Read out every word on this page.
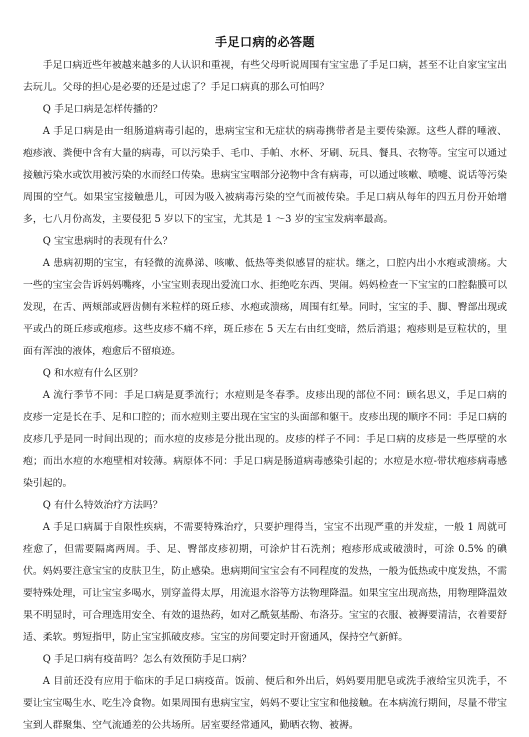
手足口病的必答题

手足口病近些年被越来越多的人认识和重视，有些父母听说周围有宝宝患了手足口病，甚至不让自家宝宝出去玩儿。父母的担心是必要的还是过虑了？手足口病真的那么可怕吗？

Q 手足口病是怎样传播的？

A 手足口病是由一组肠道病毒引起的，患病宝宝和无症状的病毒携带者是主要传染源。这些人群的唾液、疱疹液、粪便中含有大量的病毒，可以污染手、毛巾、手帕、水杯、牙刷、玩具、餐具、衣物等。宝宝可以通过接触污染水或饮用被污染的水而经口传染。患病宝宝咽部分泌物中含有病毒，可以通过咳嗽、喷嚏、说话等污染周围的空气。如果宝宝接触患儿，可因为吸入被病毒污染的空气而被传染。手足口病从每年的四五月份开始增多，七八月份高发，主要侵犯 5 岁以下的宝宝，尤其是 1 ～3 岁的宝宝发病率最高。

Q 宝宝患病时的表现有什么？

A 患病初期的宝宝，有轻微的流鼻涕、咳嗽、低热等类似感冒的症状。继之，口腔内出小水疱或溃疡。大一些的宝宝会告诉妈妈嘴疼，小宝宝则表现出爱流口水、拒绝吃东西、哭闹。妈妈检查一下宝宝的口腔黏膜可以发现，在舌、两颊部或唇齿侧有米粒样的斑丘疹、水疱或溃疡，周围有红晕。同时，宝宝的手、脚、臀部出现或平或凸的斑丘疹或疱疹。这些皮疹不痛不痒，斑丘疹在 5 天左右由红变暗，然后消退；疱疹则是豆粒状的，里面有浑浊的液体，疱愈后不留痕迹。

Q 和水痘有什么区别？

A 流行季节不同：手足口病是夏季流行；水痘则是冬春季。皮疹出现的部位不同：顾名思义，手足口病的皮疹一定是长在手、足和口腔的；而水痘则主要出现在宝宝的头面部和躯干。皮疹出现的顺序不同：手足口病的皮疹几乎是同一时间出现的；而水痘的皮疹是分批出现的。皮疹的样子不同：手足口病的皮疹是一些厚壁的水疱；而出水痘的水疱壁相对较薄。病原体不同：手足口病是肠道病毒感染引起的；水痘是水痘-带状疱疹病毒感染引起的。

Q 有什么特效治疗方法吗？

A 手足口病属于自限性疾病，不需要特殊治疗，只要护理得当，宝宝不出现严重的并发症，一般 1 周就可痊愈了，但需要隔离两周。手、足、臀部皮疹初期，可涂炉甘石洗剂；疱疹形成或破溃时，可涂 0.5% 的碘伏。妈妈要注意宝宝的皮肤卫生，防止感染。患病期间宝宝会有不同程度的发热，一般为低热或中度发热，不需要特殊处理，可让宝宝多喝水，别穿盖得太厚，用流退水浴等方法物理降温。如果宝宝出现高热，用物理降温效果不明显时，可合理选用安全、有效的退热药，如对乙酰氨基酚、布洛芬。宝宝的衣服、被褥要清洁，衣着要舒适、柔软。剪短指甲，防止宝宝抓破皮疹。宝宝的房间要定时开窗通风，保持空气新鲜。

Q 手足口病有疫苗吗？怎么有效预防手足口病？

A 目前还没有应用于临床的手足口病疫苗。饭前、便后和外出后，妈妈要用肥皂或洗手液给宝贝洗手，不要让宝宝喝生水、吃生冷食物。如果周围有患病宝宝，妈妈不要让宝宝和他接触。在本病流行期间，尽量不带宝宝到人群聚集、空气流通差的公共场所。居室要经常通风，勤晒衣物、被褥。
